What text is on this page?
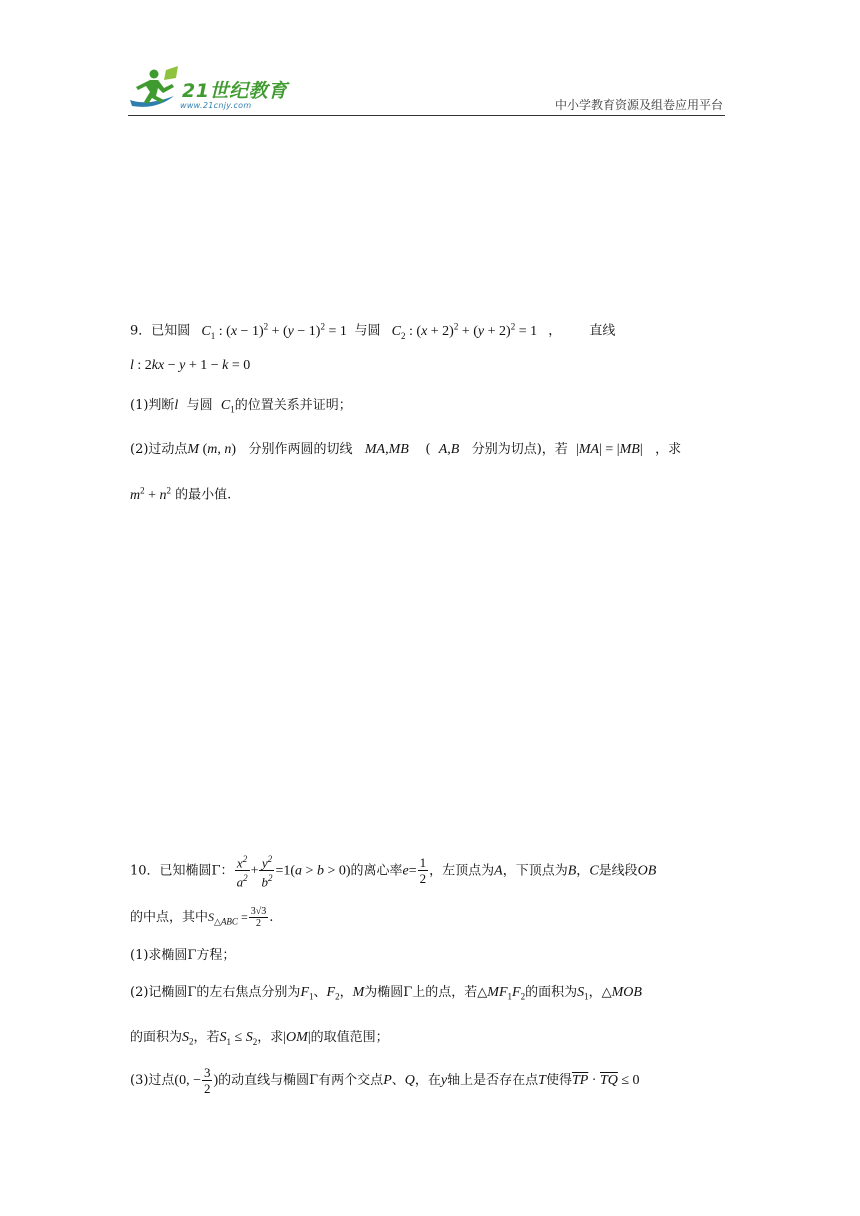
21世纪教育
www.21cnjy.com	中小学教育资源及组卷应用平台
9．已知圆 $C_1$ : $(x - 1)^2 + (y - 1)^2 = 1$  与圆 $C_2$ : $(x + 2)^2 + (y + 2)^2 = 1$   ， 直线
l : 2kx − y + 1 − k = 0
(1)判断l 与圆 $C_1$的位置关系并证明；
(2)过动点M (m, n) 分别作两圆的切线 MA,MB ( A,B 分别为切点)，若 |MA| = |MB| ，求
$m^2 + n^2$ 的最小值.
10．已知椭圆Γ： $\frac{x^2}{a^2} + \frac{y^2}{b^2} =1(a > b > 0)$的离心率$e= \frac{1}{2}$ ，左顶点为A，下顶点为B，C是线段OB
的中点，其中$S_{\triangle ABC} = \frac{3√3}{2}$ .
(1)求椭圆Γ方程；
(2)记椭圆Γ的左右焦点分别为$F_1$、$F_2$，M为椭圆Γ上的点，若$\triangle MF_1F_2$的面积为$S_1$，△MOB
的面积为$S_2$，若$S_1 \le S_2$，求|OM|的取值范围；
(3)过点(0, − $\frac{3}{2}$ )的动直线与椭圆Γ有两个交点P、Q，在y轴上是否存在点T使得$\overline{TP} \cdot \overline{TQ} \le 0$
